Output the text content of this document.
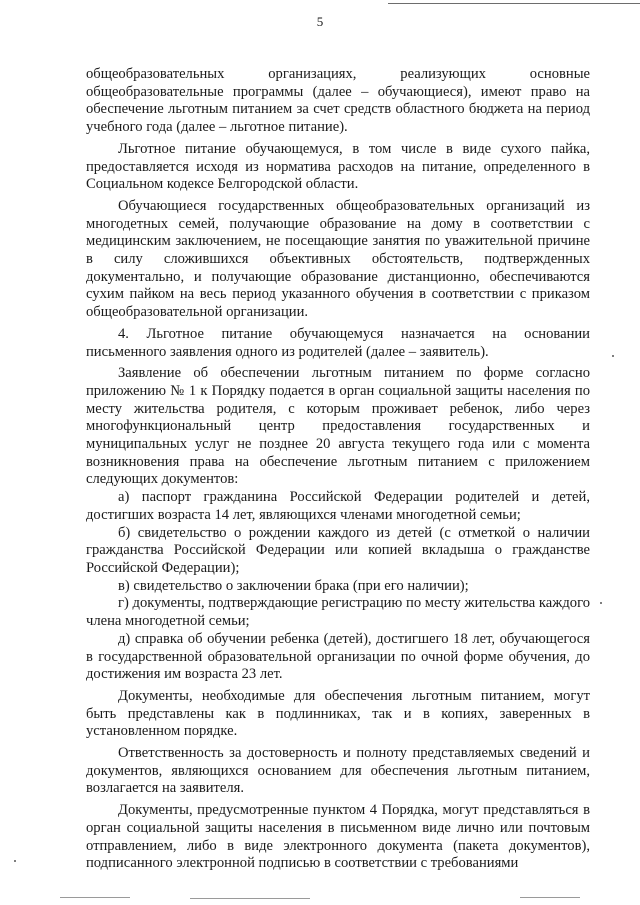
5

общеобразовательных организациях, реализующих основные общеобразовательные программы (далее – обучающиеся), имеют право на обеспечение льготным питанием за счет средств областного бюджета на период учебного года (далее – льготное питание).

Льготное питание обучающемуся, в том числе в виде сухого пайка, предоставляется исходя из норматива расходов на питание, определенного в Социальном кодексе Белгородской области.

Обучающиеся государственных общеобразовательных организаций из многодетных семей, получающие образование на дому в соответствии с медицинским заключением, не посещающие занятия по уважительной причине в силу сложившихся объективных обстоятельств, подтвержденных документально, и получающие образование дистанционно, обеспечиваются сухим пайком на весь период указанного обучения в соответствии с приказом общеобразовательной организации.

4. Льготное питание обучающемуся назначается на основании письменного заявления одного из родителей (далее – заявитель).

Заявление об обеспечении льготным питанием по форме согласно приложению № 1 к Порядку подается в орган социальной защиты населения по месту жительства родителя, с которым проживает ребенок, либо через многофункциональный центр предоставления государственных и муниципальных услуг не позднее 20 августа текущего года или с момента возникновения права на обеспечение льготным питанием с приложением следующих документов:

а) паспорт гражданина Российской Федерации родителей и детей, достигших возраста 14 лет, являющихся членами многодетной семьи;

б) свидетельство о рождении каждого из детей (с отметкой о наличии гражданства Российской Федерации или копией вкладыша о гражданстве Российской Федерации);

в) свидетельство о заключении брака (при его наличии);

г) документы, подтверждающие регистрацию по месту жительства каждого члена многодетной семьи;

д) справка об обучении ребенка (детей), достигшего 18 лет, обучающегося в государственной образовательной организации по очной форме обучения, до достижения им возраста 23 лет.

Документы, необходимые для обеспечения льготным питанием, могут быть представлены как в подлинниках, так и в копиях, заверенных в установленном порядке.

Ответственность за достоверность и полноту представляемых сведений и документов, являющихся основанием для обеспечения льготным питанием, возлагается на заявителя.

Документы, предусмотренные пунктом 4 Порядка, могут представляться в орган социальной защиты населения в письменном виде лично или почтовым отправлением, либо в виде электронного документа (пакета документов), подписанного электронной подписью в соответствии с требованиями
